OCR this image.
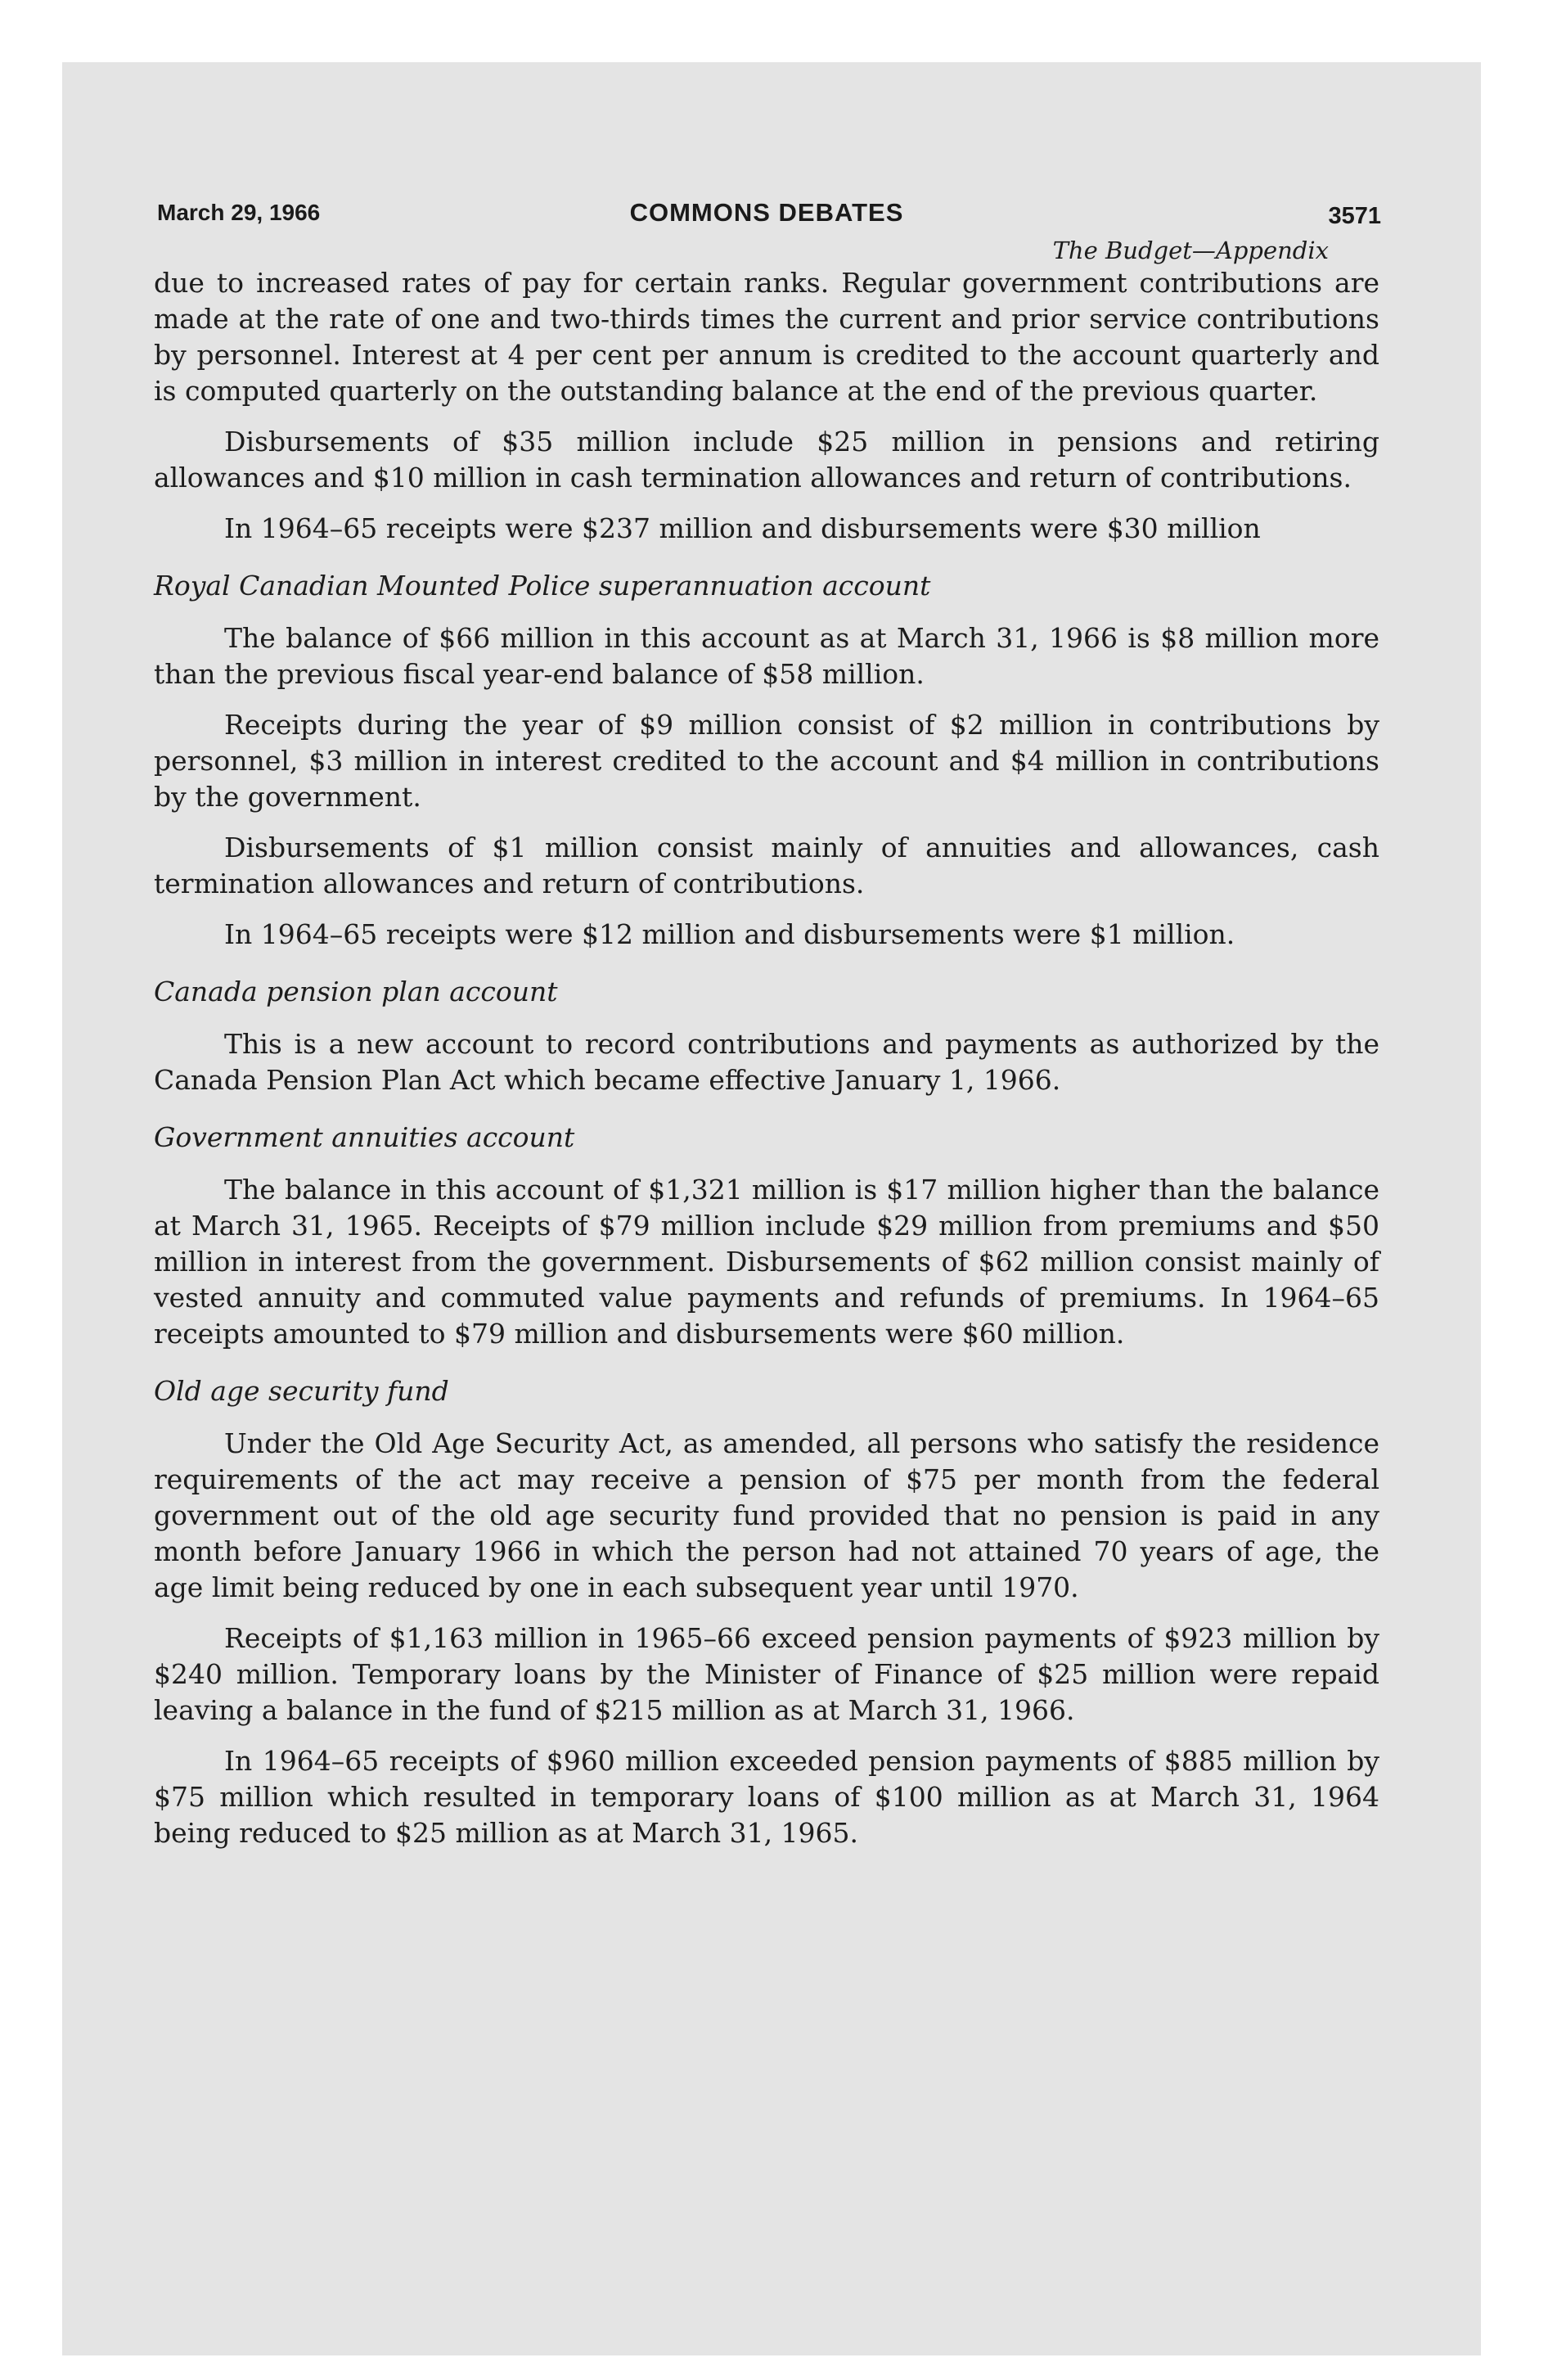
March 29, 1966	COMMONS DEBATES	3571
The Budget—Appendix

due to increased rates of pay for certain ranks. Regular government contributions are made at the rate of one and two-thirds times the current and prior service contributions by personnel. Interest at 4 per cent per annum is credited to the account quarterly and is computed quarterly on the outstanding balance at the end of the previous quarter.

Disbursements of $35 million include $25 million in pensions and retiring allowances and $10 million in cash termination allowances and return of contributions.

In 1964–65 receipts were $237 million and disbursements were $30 million

Royal Canadian Mounted Police superannuation account

The balance of $66 million in this account as at March 31, 1966 is $8 million more than the previous fiscal year-end balance of $58 million.

Receipts during the year of $9 million consist of $2 million in contributions by personnel, $3 million in interest credited to the account and $4 million in contributions by the government.

Disbursements of $1 million consist mainly of annuities and allowances, cash termination allowances and return of contributions.

In 1964–65 receipts were $12 million and disbursements were $1 million.

Canada pension plan account

This is a new account to record contributions and payments as authorized by the Canada Pension Plan Act which became effective January 1, 1966.

Government annuities account

The balance in this account of $1,321 million is $17 million higher than the balance at March 31, 1965. Receipts of $79 million include $29 million from premiums and $50 million in interest from the government. Disbursements of $62 million consist mainly of vested annuity and commuted value payments and refunds of premiums. In 1964–65 receipts amounted to $79 million and disbursements were $60 million.

Old age security fund

Under the Old Age Security Act, as amended, all persons who satisfy the residence requirements of the act may receive a pension of $75 per month from the federal government out of the old age security fund provided that no pension is paid in any month before January 1966 in which the person had not attained 70 years of age, the age limit being reduced by one in each subsequent year until 1970.

Receipts of $1,163 million in 1965–66 exceed pension payments of $923 million by $240 million. Temporary loans by the Minister of Finance of $25 million were repaid leaving a balance in the fund of $215 million as at March 31, 1966.

In 1964–65 receipts of $960 million exceeded pension payments of $885 million by $75 million which resulted in temporary loans of $100 million as at March 31, 1964 being reduced to $25 million as at March 31, 1965.
